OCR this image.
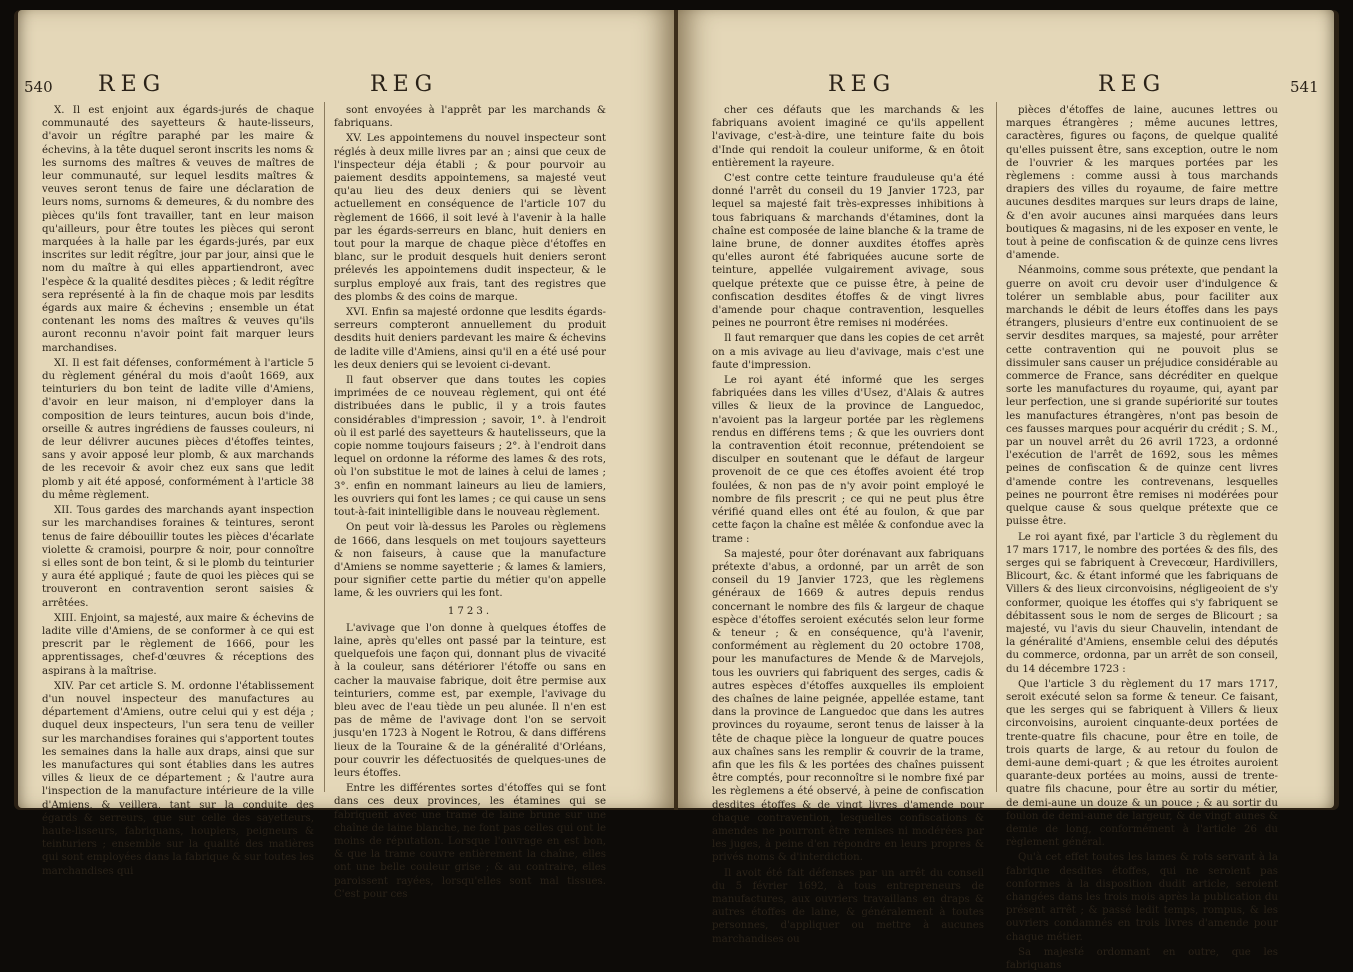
540 REG	REG

X. Il est enjoint aux égards-jurés de chaque communauté des sayetteurs & haute-lisseurs, d'avoir un régître paraphé par les maire & échevins, à la tête duquel seront inscrits les noms & les surnoms des maîtres & veuves de maîtres de leur communauté, sur lequel lesdits maîtres & veuves seront tenus de faire une déclaration de leurs noms, surnoms & demeures, & du nombre des pièces qu'ils font travailler, tant en leur maison qu'ailleurs, pour être toutes les pièces qui seront marquées à la halle par les égards-jurés, par eux inscrites sur ledit régître, jour par jour, ainsi que le nom du maître à qui elles appartiendront, avec l'espèce & la qualité desdites pièces ; & ledit régître sera représenté à la fin de chaque mois par lesdits égards aux maire & échevins ; ensemble un état contenant les noms des maîtres & veuves qu'ils auront reconnu n'avoir point fait marquer leurs marchandises.

XI. Il est fait défenses, conformément à l'article 5 du règlement général du mois d'août 1669, aux teinturiers du bon teint de ladite ville d'Amiens, d'avoir en leur maison, ni d'employer dans la composition de leurs teintures, aucun bois d'inde, orseille & autres ingrédiens de fausses couleurs, ni de leur délivrer aucunes pièces d'étoffes teintes, sans y avoir apposé leur plomb, & aux marchands de les recevoir & avoir chez eux sans que ledit plomb y ait été apposé, conformément à l'article 38 du même règlement.

XII. Tous gardes des marchands ayant inspection sur les marchandises foraines & teintures, seront tenus de faire débouillir toutes les pièces d'écarlate violette & cramoisi, pourpre & noir, pour connoître si elles sont de bon teint, & si le plomb du teinturier y aura été appliqué ; faute de quoi les pièces qui se trouveront en contravention seront saisies & arrêtées.

XIII. Enjoint, sa majesté, aux maire & échevins de ladite ville d'Amiens, de se conformer à ce qui est prescrit par le règlement de 1666, pour les apprentissages, chef-d'œuvres & réceptions des aspirans à la maîtrise.

XIV. Par cet article S. M. ordonne l'établissement d'un nouvel inspecteur des manufactures au département d'Amiens, outre celui qui y est déja ; duquel deux inspecteurs, l'un sera tenu de veiller sur les marchandises foraines qui s'apportent toutes les semaines dans la halle aux draps, ainsi que sur les manufactures qui sont établies dans les autres villes & lieux de ce département ; & l'autre aura l'inspection de la manufacture intérieure de la ville d'Amiens, & veillera, tant sur la conduite des égards & serreurs, que sur celle des sayetteurs, haute-lisseurs, fabriquans, houpiers, peigneurs & teinturiers ; ensemble sur la qualité des matières qui sont employées dans la fabrique & sur toutes les marchandises qui

sont envoyées à l'apprêt par les marchands & fabriquans.

XV. Les appointemens du nouvel inspecteur sont réglés à deux mille livres par an ; ainsi que ceux de l'inspecteur déja établi ; & pour pourvoir au paiement desdits appointemens, sa majesté veut qu'au lieu des deux deniers qui se lèvent actuellement en conséquence de l'article 107 du règlement de 1666, il soit levé à l'avenir à la halle par les égards-serreurs en blanc, huit deniers en tout pour la marque de chaque pièce d'étoffes en blanc, sur le produit desquels huit deniers seront prélevés les appointemens dudit inspecteur, & le surplus employé aux frais, tant des registres que des plombs & des coins de marque.

XVI. Enfin sa majesté ordonne que lesdits égards-serreurs compteront annuellement du produit desdits huit deniers pardevant les maire & échevins de ladite ville d'Amiens, ainsi qu'il en a été usé pour les deux deniers qui se levoient ci-devant.

Il faut observer que dans toutes les copies imprimées de ce nouveau règlement, qui ont été distribuées dans le public, il y a trois fautes considérables d'impression ; savoir, 1°. à l'endroit où il est parlé des sayetteurs & hautelisseurs, que la copie nomme toujours faiseurs ; 2°. à l'endroit dans lequel on ordonne la réforme des lames & des rots, où l'on substitue le mot de laines à celui de lames ; 3°. enfin en nommant laineurs au lieu de lamiers, les ouvriers qui font les lames ; ce qui cause un sens tout-à-fait inintelligible dans le nouveau règlement.

On peut voir là-dessus les Paroles ou règlemens de 1666, dans lesquels on met toujours sayetteurs & non faiseurs, à cause que la manufacture d'Amiens se nomme sayetterie ; & lames & lamiers, pour signifier cette partie du métier qu'on appelle lame, & les ouvriers qui les font.

1723.

L'avivage que l'on donne à quelques étoffes de laine, après qu'elles ont passé par la teinture, est quelquefois une façon qui, donnant plus de vivacité à la couleur, sans détériorer l'étoffe ou sans en cacher la mauvaise fabrique, doit être permise aux teinturiers, comme est, par exemple, l'avivage du bleu avec de l'eau tiède un peu alunée. Il n'en est pas de même de l'avivage dont l'on se servoit jusqu'en 1723 à Nogent le Rotrou, & dans différens lieux de la Touraine & de la généralité d'Orléans, pour couvrir les défectuosités de quelques-unes de leurs étoffes.

Entre les différentes sortes d'étoffes qui se font dans ces deux provinces, les étamines qui se fabriquent avec une trame de laine brune sur une chaîne de laine blanche, ne font pas celles qui ont le moins de réputation. Lorsque l'ouvrage en est bon, & que la trame couvre entièrement la chaîne, elles ont une belle couleur grise ; & au contraire, elles paroissent rayées, lorsqu'elles sont mal tissues. C'est pour ces

REG	REG	541

cher ces défauts que les marchands & les fabriquans avoient imaginé ce qu'ils appellent l'avivage, c'est-à-dire, une teinture faite du bois d'Inde qui rendoit la couleur uniforme, & en ôtoit entièrement la rayeure.

C'est contre cette teinture frauduleuse qu'a été donné l'arrêt du conseil du 19 Janvier 1723, par lequel sa majesté fait très-expresses inhibitions à tous fabriquans & marchands d'étamines, dont la chaîne est composée de laine blanche & la trame de laine brune, de donner auxdites étoffes après qu'elles auront été fabriquées aucune sorte de teinture, appellée vulgairement avivage, sous quelque prétexte que ce puisse être, à peine de confiscation desdites étoffes & de vingt livres d'amende pour chaque contravention, lesquelles peines ne pourront être remises ni modérées.

Il faut remarquer que dans les copies de cet arrêt on a mis avivage au lieu d'avivage, mais c'est une faute d'impression.

Le roi ayant été informé que les serges fabriquées dans les villes d'Usez, d'Alais & autres villes & lieux de la province de Languedoc, n'avoient pas la largeur portée par les règlemens rendus en différens tems ; & que les ouvriers dont la contravention étoit reconnue, prétendoient se disculper en soutenant que le défaut de largeur provenoit de ce que ces étoffes avoient été trop foulées, & non pas de n'y avoir point employé le nombre de fils prescrit ; ce qui ne peut plus être vérifié quand elles ont été au foulon, & que par cette façon la chaîne est mêlée & confondue avec la trame :

Sa majesté, pour ôter dorénavant aux fabriquans prétexte d'abus, a ordonné, par un arrêt de son conseil du 19 Janvier 1723, que les règlemens généraux de 1669 & autres depuis rendus concernant le nombre des fils & largeur de chaque espèce d'étoffes seroient exécutés selon leur forme & teneur ; & en conséquence, qu'à l'avenir, conformément au règlement du 20 octobre 1708, pour les manufactures de Mende & de Marvejols, tous les ouvriers qui fabriquent des serges, cadis & autres espèces d'étoffes auxquelles ils emploient des chaînes de laine peignée, appellée estame, tant dans la province de Languedoc que dans les autres provinces du royaume, seront tenus de laisser à la tête de chaque pièce la longueur de quatre pouces aux chaînes sans les remplir & couvrir de la trame, afin que les fils & les portées des chaînes puissent être comptés, pour reconnoître si le nombre fixé par les règlemens a été observé, à peine de confiscation desdites étoffes & de vingt livres d'amende pour chaque contravention, lesquelles confiscations & amendes ne pourront être remises ni modérées par les juges, à peine d'en répondre en leurs propres & privés noms & d'interdiction.

Il avoit été fait défenses par un arrêt du conseil du 5 février 1692, à tous entrepreneurs de manufactures, aux ouvriers travaillans en draps & autres étoffes de laine, & généralement à toutes personnes, d'appliquer ou mettre à aucunes marchandises ou

pièces d'étoffes de laine, aucunes lettres ou marques étrangères ; même aucunes lettres, caractères, figures ou façons, de quelque qualité qu'elles puissent être, sans exception, outre le nom de l'ouvrier & les marques portées par les règlemens : comme aussi à tous marchands drapiers des villes du royaume, de faire mettre aucunes desdites marques sur leurs draps de laine, & d'en avoir aucunes ainsi marquées dans leurs boutiques & magasins, ni de les exposer en vente, le tout à peine de confiscation & de quinze cens livres d'amende.

Néanmoins, comme sous prétexte, que pendant la guerre on avoit cru devoir user d'indulgence & tolérer un semblable abus, pour faciliter aux marchands le débit de leurs étoffes dans les pays étrangers, plusieurs d'entre eux continuoient de se servir desdites marques, sa majesté, pour arrêter cette contravention qui ne pouvoit plus se dissimuler sans causer un préjudice considérable au commerce de France, sans décréditer en quelque sorte les manufactures du royaume, qui, ayant par leur perfection, une si grande supériorité sur toutes les manufactures étrangères, n'ont pas besoin de ces fausses marques pour acquérir du crédit ; S. M., par un nouvel arrêt du 26 avril 1723, a ordonné l'exécution de l'arrêt de 1692, sous les mêmes peines de confiscation & de quinze cent livres d'amende contre les contrevenans, lesquelles peines ne pourront être remises ni modérées pour quelque cause & sous quelque prétexte que ce puisse être.

Le roi ayant fixé, par l'article 3 du règlement du 17 mars 1717, le nombre des portées & des fils, des serges qui se fabriquent à Crevecœur, Hardivillers, Blicourt, &c. & étant informé que les fabriquans de Villers & des lieux circonvoisins, négligeoient de s'y conformer, quoique les étoffes qui s'y fabriquent se débitassent sous le nom de serges de Blicourt ; sa majesté, vu l'avis du sieur Chauvelin, intendant de la généralité d'Amiens, ensemble celui des députés du commerce, ordonna, par un arrêt de son conseil, du 14 décembre 1723 :

Que l'article 3 du règlement du 17 mars 1717, seroit exécuté selon sa forme & teneur. Ce faisant, que les serges qui se fabriquent à Villers & lieux circonvoisins, auroient cinquante-deux portées de trente-quatre fils chacune, pour être en toile, de trois quarts de large, & au retour du foulon de demi-aune demi-quart ; & que les étroites auroient quarante-deux portées au moins, aussi de trente-quatre fils chacune, pour être au sortir du métier, de demi-aune un douze & un pouce ; & au sortir du foulon de demi-aune de largeur, & de vingt aunes & demie de long, conformément à l'article 26 du règlement général.

Qu'à cet effet toutes les lames & rots servant à la fabrique desdites étoffes, qui ne seroient pas conformes à la disposition dudit article, seroient changées dans les trois mois après la publication du présent arrêt ; & passé ledit temps, rompus, & les ouvriers condamnés en trois livres d'amende pour chaque métier.

Sa majesté ordonnant en outre, que les fabriquans
